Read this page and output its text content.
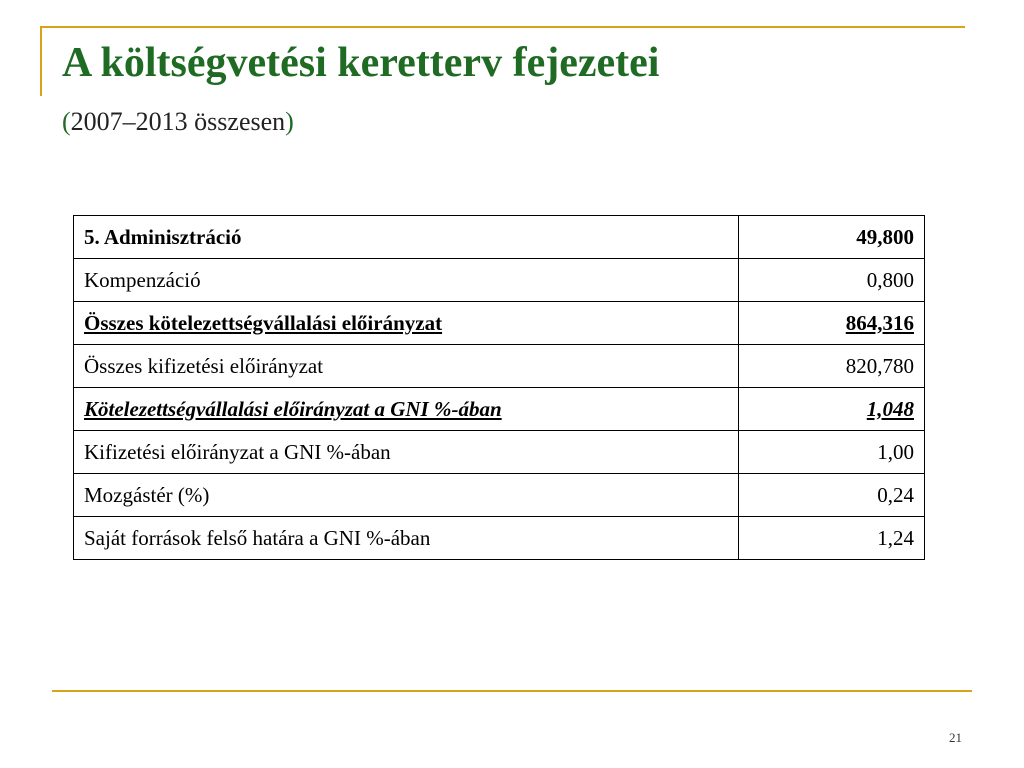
A költségvetési keretterv fejezetei

(2007–2013 összesen)

5. Adminisztráció	49,800
Kompenzáció	0,800
Összes kötelezettségvállalási előirányzat	864,316
Összes kifizetési előirányzat	820,780
Kötelezettségvállalási előirányzat a GNI %-ában	1,048
Kifizetési előirányzat a GNI %-ában	1,00
Mozgástér (%)	0,24
Saját források felső határa a GNI %-ában	1,24
21
